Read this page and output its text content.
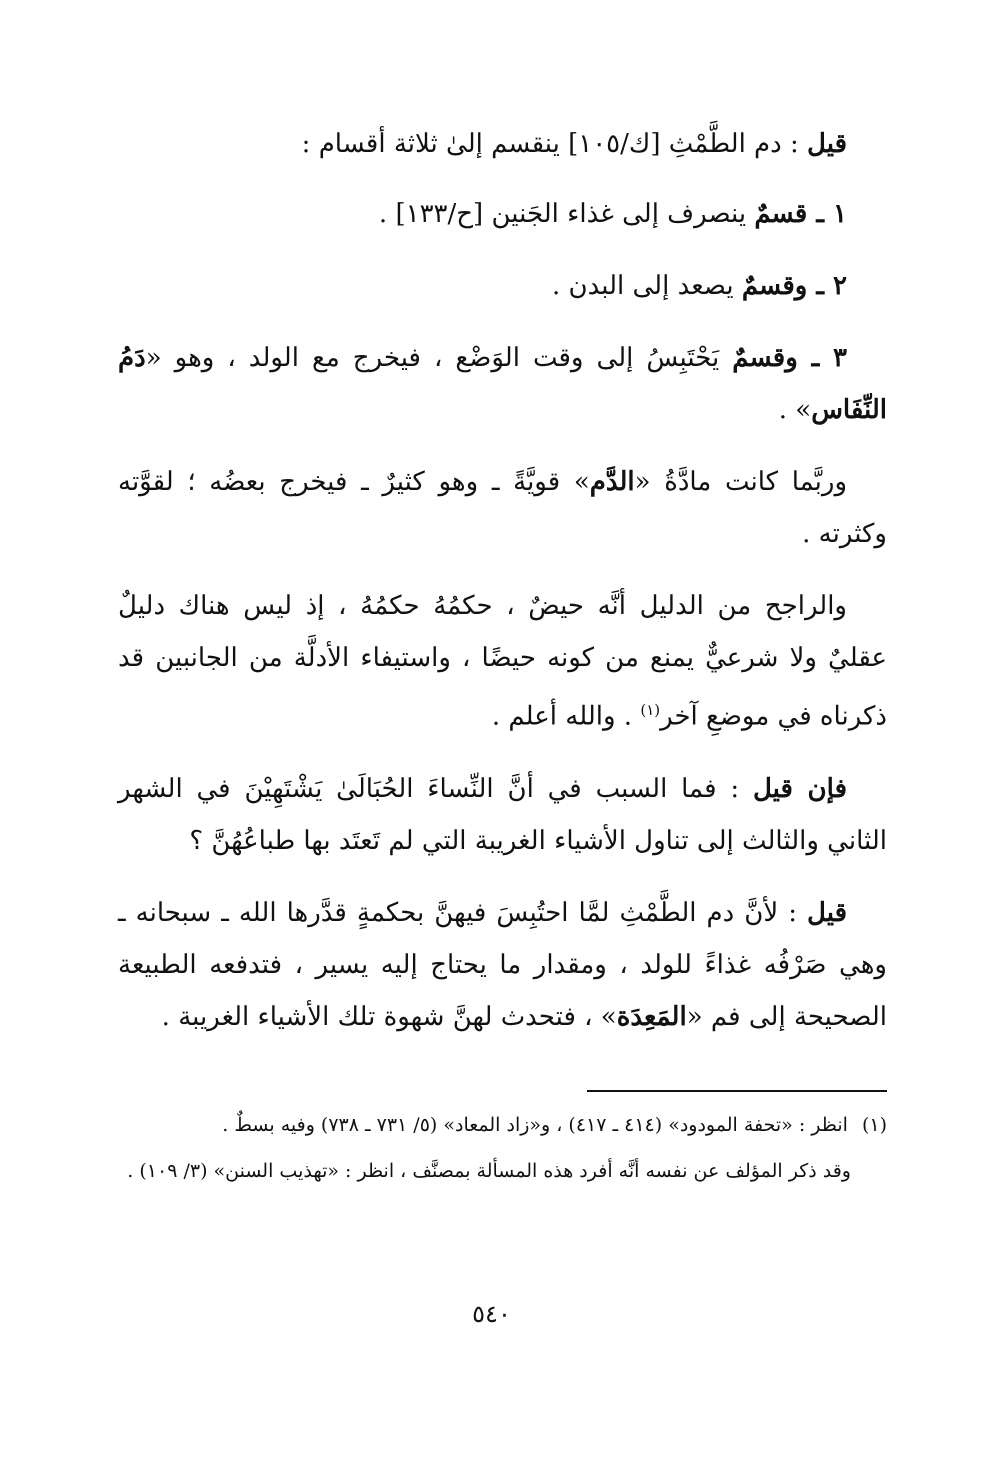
قيل : دم الطَّمْثِ [ك/١٠٥] ينقسم إلىٰ ثلاثة أقسام :

١ ـ قسمٌ ينصرف إلى غذاء الجَنين [ح/١٣٣] .

٢ ـ وقسمٌ يصعد إلى البدن .

٣ ـ وقسمٌ يَحْتَبِسُ إلى وقت الوَضْع ، فيخرج مع الولد ، وهو «دَمُ النِّفَاس» .

وربَّما كانت مادَّةُ «الدَّم» قويَّةً ـ وهو كثيرٌ ـ فيخرج بعضُه ؛ لقوَّته وكثرته .

والراجح من الدليل أنَّه حيضٌ ، حكمُهُ حكمُهُ ، إذ ليس هناك دليلٌ عقليٌ ولا شرعيٌّ يمنع من كونه حيضًا ، واستيفاء الأدلَّة من الجانبين قد ذكرناه في موضعِ آخر$^{(١)}$ . والله أعلم .

فإن قيل : فما السبب في أنَّ النِّساءَ الحُبَالَىٰ يَشْتَهِيْنَ في الشهر الثاني والثالث إلى تناول الأشياء الغريبة التي لم تَعتَد بها طباعُهُنَّ ؟

قيل : لأنَّ دم الطَّمْثِ لمَّا احتُبِسَ فيهنَّ بحكمةٍ قدَّرها الله ـ سبحانه ـ وهي صَرْفُه غذاءً للولد ، ومقدار ما يحتاج إليه يسير ، فتدفعه الطبيعة الصحيحة إلى فم «المَعِدَة» ، فتحدث لهنَّ شهوة تلك الأشياء الغريبة .

(١)انظر : «تحفة المودود» (٤١٤ ـ ٤١٧) ، و«زاد المعاد» (٥/ ٧٣١ ـ ٧٣٨) وفيه بسطٌ .

وقد ذكر المؤلف عن نفسه أنَّه أفرد هذه المسألة بمصنَّف ، انظر : «تهذيب السنن» (٣/ ١٠٩) .

٥٤٠
